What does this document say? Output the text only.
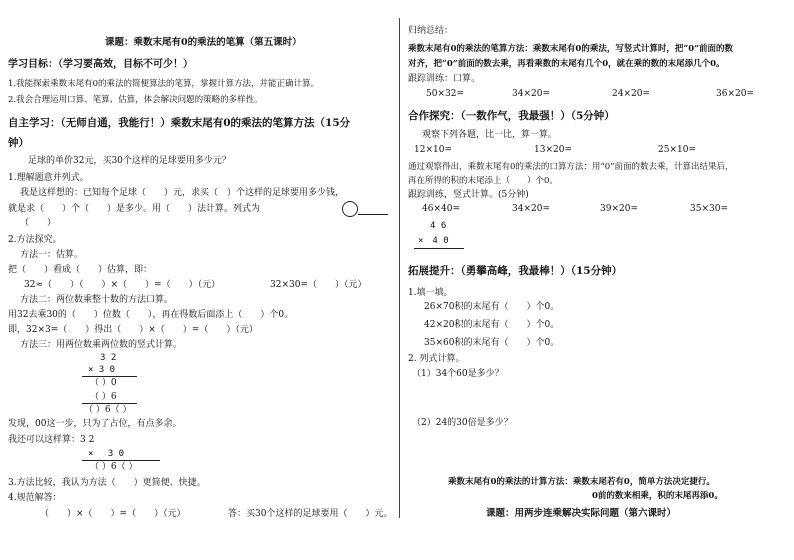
课题：乘数末尾有0的乘法的笔算（第五课时）
学习目标：（学习要高效，目标不可少！）
1.我能探索乘数末尾有0的乘法的简便算法的笔算，掌握计算方法，并能正确计算。
2.我会合理运用口算、笔算、估算，体会解决问题的策略的多样性。
自主学习：（无师自通，我能行！）乘数末尾有0的乘法的笔算方法（15分
钟）
足球的单价32元，买30个这样的足球要用多少元？
1.理解题意并列式。
我是这样想的：已知每个足球（　　）元，求买（　）个这样的足球要用多少钱，
就是求（　　）个（　　）是多少。用（　　）法计算。列式为
（　　）
2.方法探究。
方法一：估算。
把（　　）看成（　　）估算，即：
32≈（　　）（　　）×（　　）=（　　）（元）	32×30=（　　）（元）
方法二：两位数乘整十数的方法口算。
用32去乘30的（　　）位数（　　），再在得数后面添上（　　）个0。
即，32×3=（　　）得出（　　）×（　　）=（　　）（元）
方法三：用两位数乘两位数的竖式计算。
3 2
× 3 0
（ ）0
（ ）6
（ ）6（ ）
发现，00这一步，只为了占位，有点多余。
我还可以这样算：3 2
×　 3 0
（ ）6（ ）
3.方法比较，我认为方法（　　）更简便、快捷。
4.规范解答：
（　　）×（　　）=（　　）（元）	答：买30个这样的足球要用（　　）元。
归纳总结：
乘数末尾有0的乘法的笔算方法：乘数末尾有0的乘法，写竖式计算时，把“0”前面的数
对齐，把“0”前面的数去乘，再看乘数的末尾有几个0，就在乘的数的末尾添几个0。
跟踪训练：口算。
50×32=	34×20=	24×20=	36×20=
合作探究：（一数作气，我最强！）（5分钟）
观察下列各题，比一比，算一算。
12×10=	13×20=	25×10=
通过观察得出，乘数末尾有0的乘法的口算方法：用“0”前面的数去乘，计算出结果后，
再在所得的积的末尾添上（　　）个0。
跟踪训练，竖式计算。(5分钟)
46×40=	34×20=	39×20=	35×30=
4 6
×　4 0
拓展提升：（勇攀高峰，我最棒！）（15分钟）
1.填一填。
26×70积的末尾有（　　）个0。
42×20积的末尾有（　　）个0。
35×60积的末尾有（　　）个0。
2. 列式计算。
（1）34个60是多少？
（2）24的30倍是多少？
乘数末尾有0的乘法的计算方法：乘数末尾若有0，简单方法决定捷行。
0前的数来相乘，积的末尾再添0。
课题：用两步连乘解决实际问题（第六课时）
